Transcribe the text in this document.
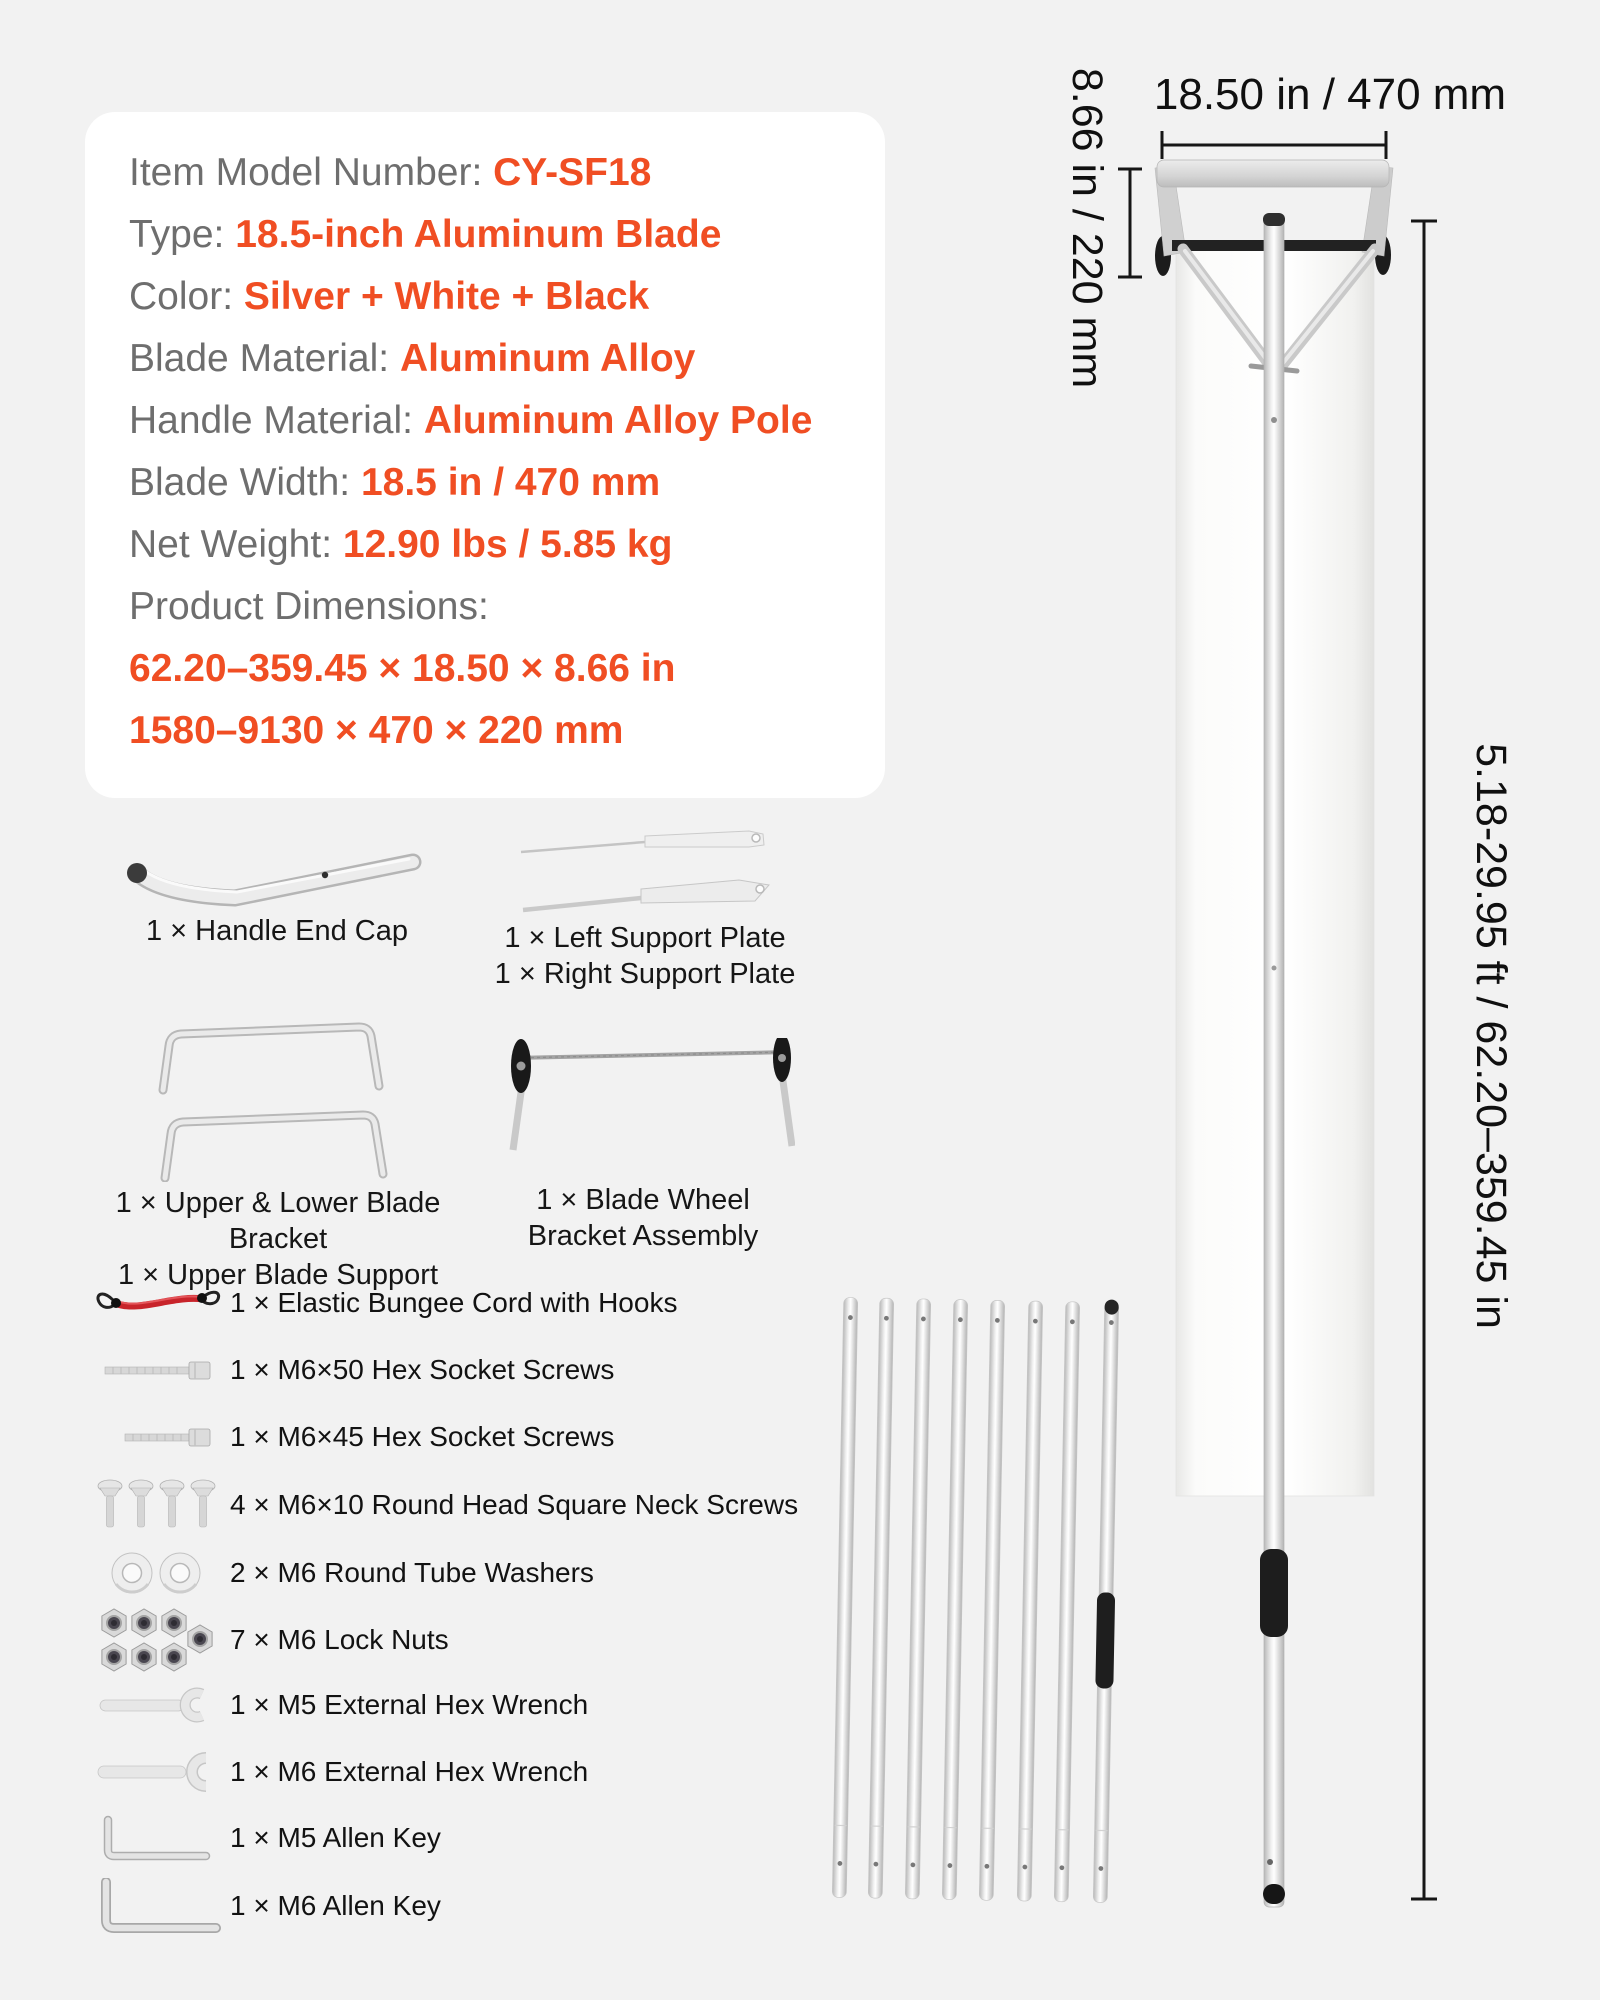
Item Model Number: CY-SF18
Type: 18.5-inch Aluminum Blade
Color: Silver + White + Black
Blade Material: Aluminum Alloy
Handle Material: Aluminum Alloy Pole
Blade Width: 18.5 in / 470 mm
Net Weight: 12.90 lbs / 5.85 kg
Product Dimensions:
62.20–359.45 × 18.50 × 8.66 in
1580–9130 × 470 × 220 mm
1 × Handle End Cap	1 × Left Support Plate
1 × Right Support Plate
1 × Upper & Lower Blade Bracket
1 × Upper Blade Support
1 × Blade Wheel
Bracket Assembly
1 × Elastic Bungee Cord with Hooks
1 × M6×50 Hex Socket Screws
1 × M6×45 Hex Socket Screws
4 × M6×10 Round Head Square Neck Screws
2 × M6 Round Tube Washers
7 × M6 Lock Nuts
1 × M5 External Hex Wrench
1 × M6 External Hex Wrench
1 × M5 Allen Key
1 × M6 Allen Key
18.50 in / 470 mm
8.66 in / 220 mm
5.18-29.95 ft / 62.20–359.45 in
